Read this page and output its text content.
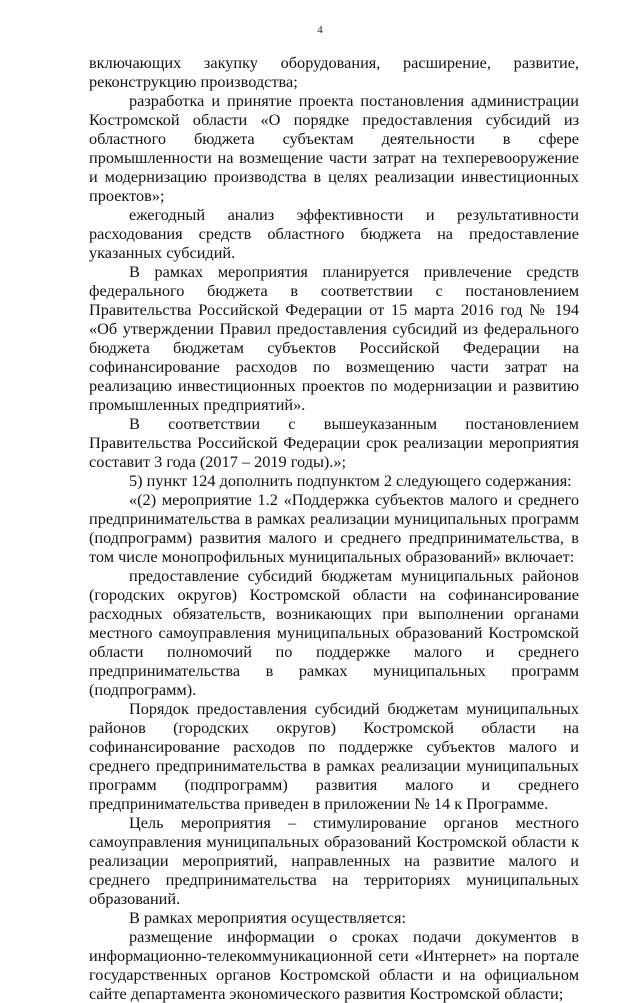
4

включающих закупку оборудования, расширение, развитие, реконструкцию производства;

разработка и принятие проекта постановления администрации Костромской области «О порядке предоставления субсидий из областного бюджета субъектам деятельности в сфере промышленности на возмещение части затрат на техперевооружение и модернизацию производства в целях реализации инвестиционных проектов»;

ежегодный анализ эффективности и результативности расходования средств областного бюджета на предоставление указанных субсидий.

В рамках мероприятия планируется привлечение средств федерального бюджета в соответствии с постановлением Правительства Российской Федерации от 15 марта 2016 год № 194 «Об утверждении Правил предоставления субсидий из федерального бюджета бюджетам субъектов Российской Федерации на софинансирование расходов по возмещению части затрат на реализацию инвестиционных проектов по модернизации и развитию промышленных предприятий».

В соответствии с вышеуказанным постановлением Правительства Российской Федерации срок реализации мероприятия составит 3 года (2017 – 2019 годы).»;

5) пункт 124 дополнить подпунктом 2 следующего содержания:

«(2) мероприятие 1.2 «Поддержка субъектов малого и среднего предпринимательства в рамках реализации муниципальных программ (подпрограмм) развития малого и среднего предпринимательства, в том числе монопрофильных муниципальных образований» включает:

предоставление субсидий бюджетам муниципальных районов (городских округов) Костромской области на софинансирование расходных обязательств, возникающих при выполнении органами местного самоуправления муниципальных образований Костромской области полномочий по поддержке малого и среднего предпринимательства в рамках муниципальных программ (подпрограмм).

Порядок предоставления субсидий бюджетам муниципальных районов (городских округов) Костромской области на софинансирование расходов по поддержке субъектов малого и среднего предпринимательства в рамках реализации муниципальных программ (подпрограмм) развития малого и среднего предпринимательства приведен в приложении № 14 к Программе.

Цель мероприятия – стимулирование органов местного самоуправления муниципальных образований Костромской области к реализации мероприятий, направленных на развитие малого и среднего предпринимательства на территориях муниципальных образований.

В рамках мероприятия осуществляется:

размещение информации о сроках подачи документов в информационно-телекоммуникационной сети «Интернет» на портале государственных органов Костромской области и на официальном сайте департамента экономического развития Костромской области;
